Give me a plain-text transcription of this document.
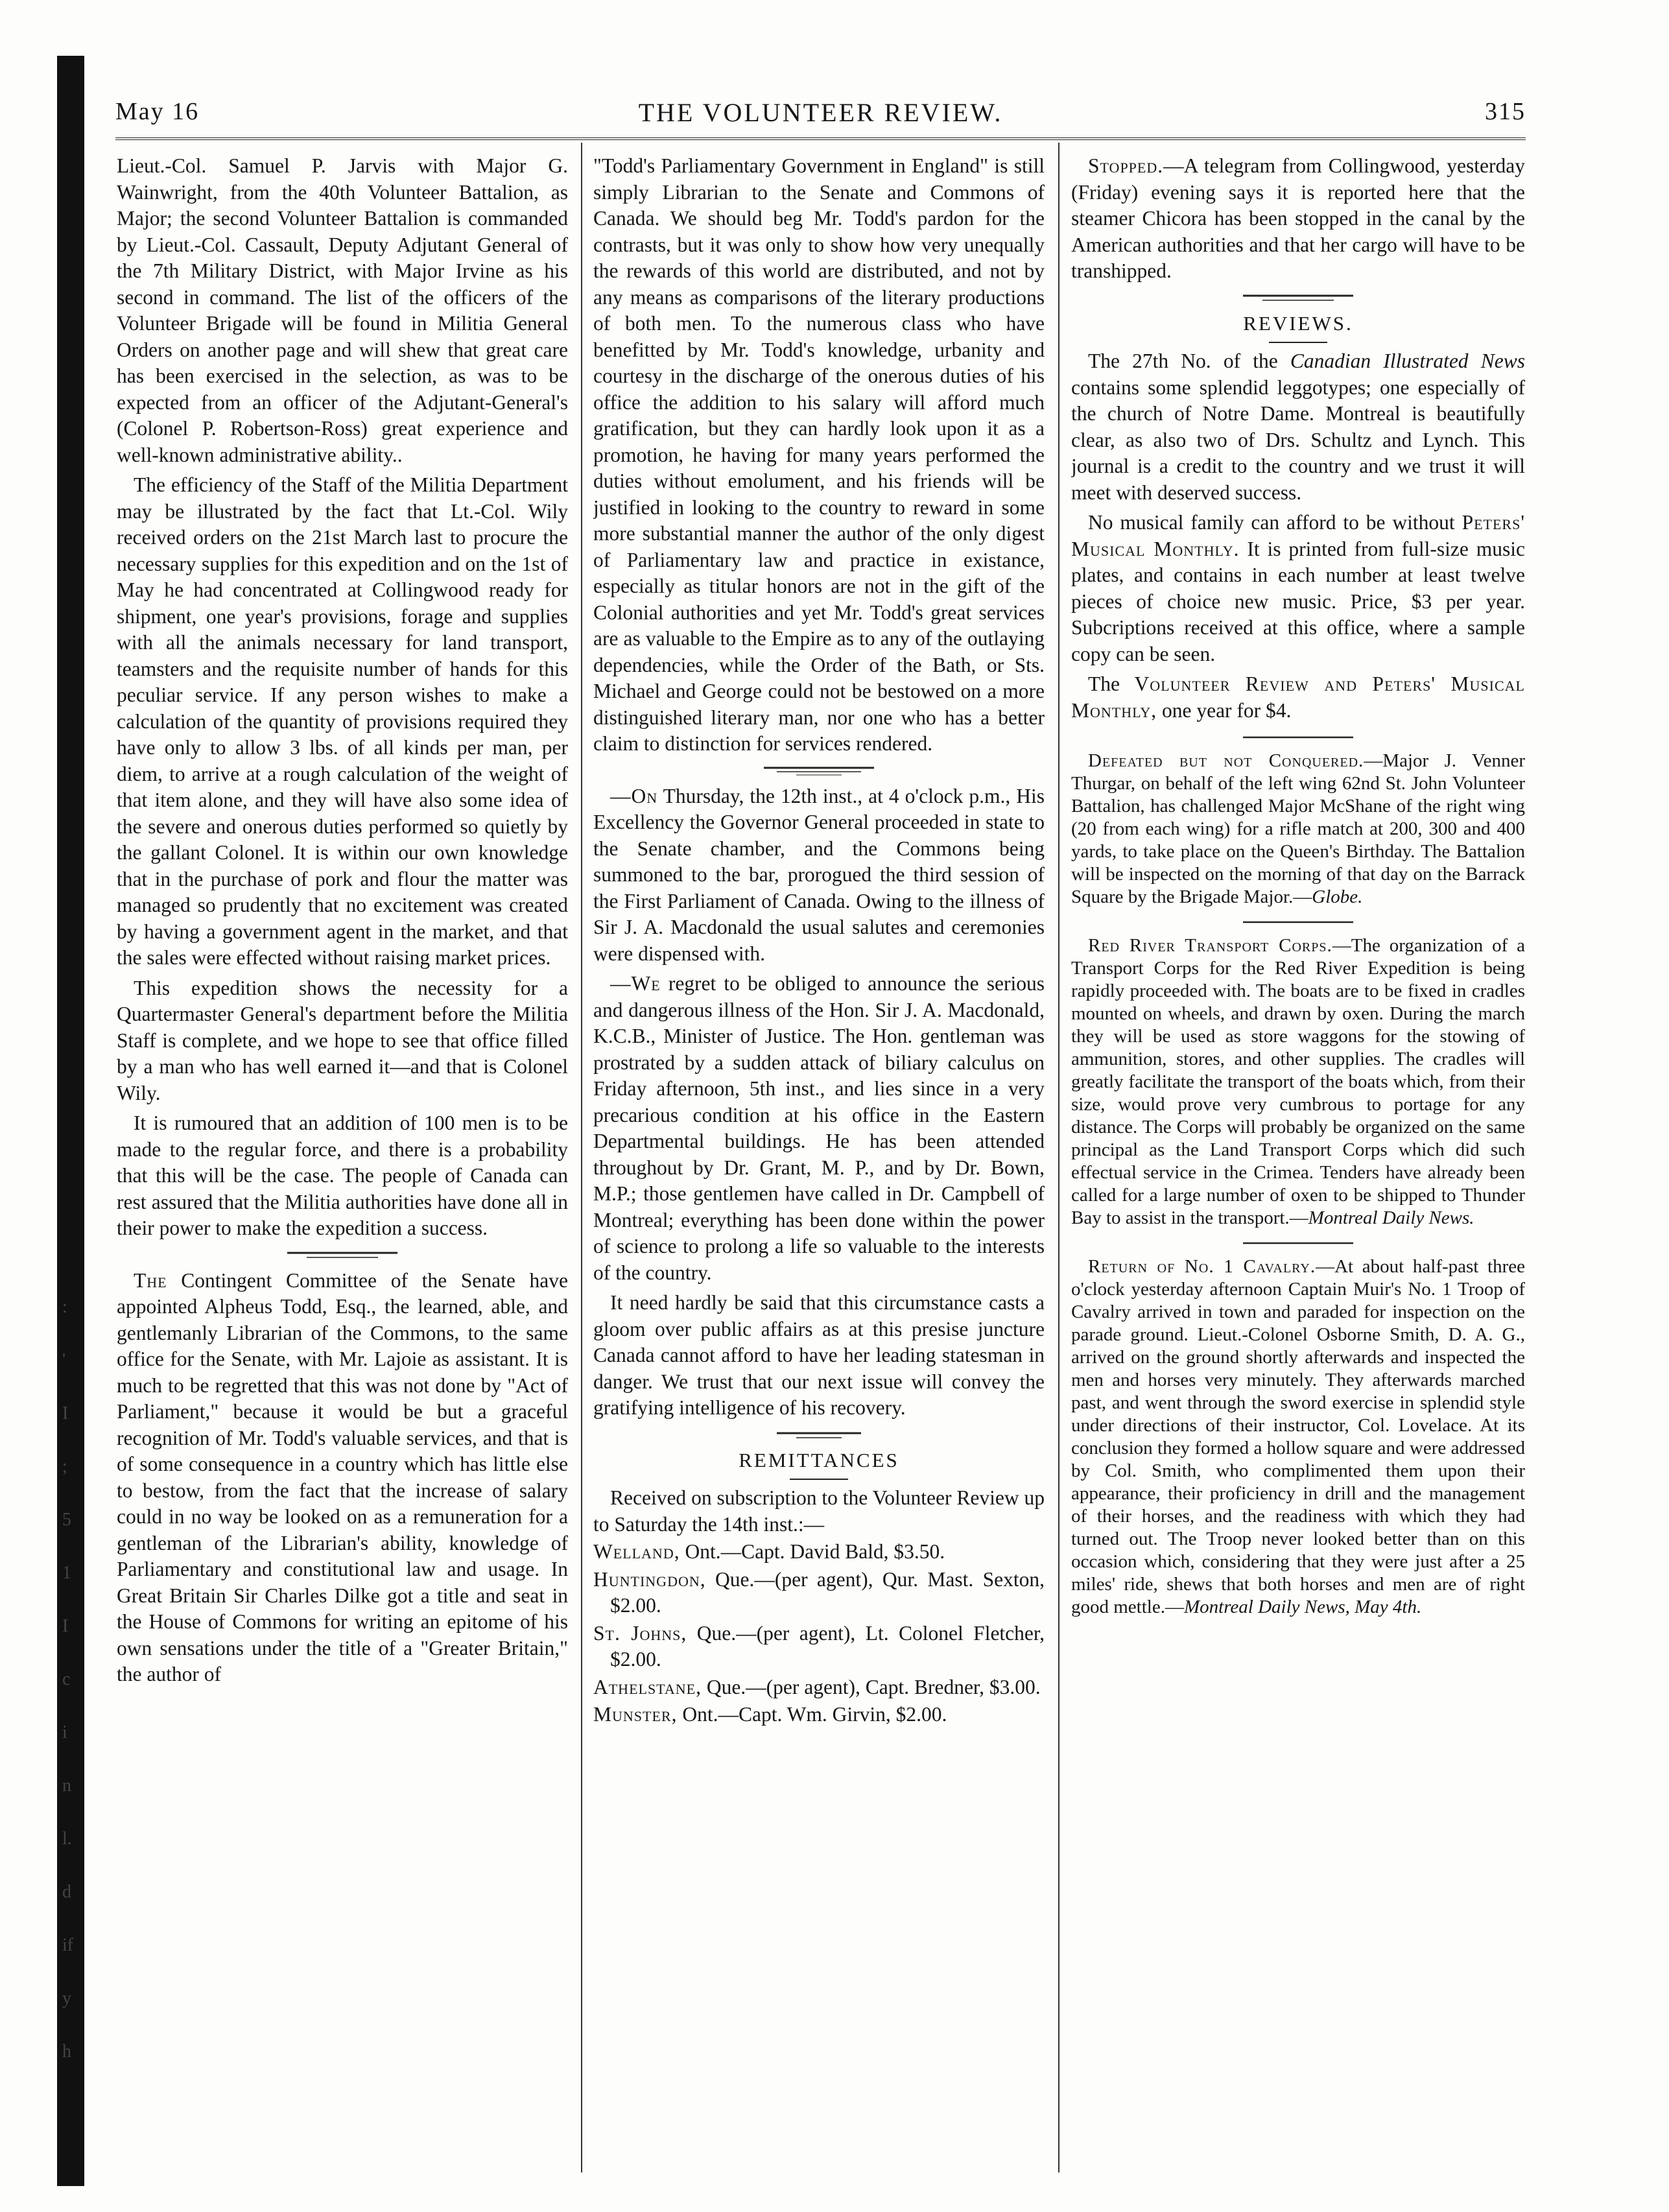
:
'
I
;
5
1
I
c
i
n
l.
d
if
y
h
May 16	THE VOLUNTEER REVIEW.	315

Lieut.-Col. Samuel P. Jarvis with Major G. Wainwright, from the 40th Volunteer Battalion, as Major; the second Volunteer Battalion is commanded by Lieut.-Col. Cassault, Deputy Adjutant General of the 7th Military District, with Major Irvine as his second in command. The list of the officers of the Volunteer Brigade will be found in Militia General Orders on another page and will shew that great care has been exercised in the selection, as was to be expected from an officer of the Adjutant-General's (Colonel P. Robertson-Ross) great experience and well-known administrative ability..

The efficiency of the Staff of the Militia Department may be illustrated by the fact that Lt.-Col. Wily received orders on the 21st March last to procure the necessary supplies for this expedition and on the 1st of May he had concentrated at Collingwood ready for shipment, one year's provisions, forage and supplies with all the animals necessary for land transport, teamsters and the requisite number of hands for this peculiar service. If any person wishes to make a calculation of the quantity of provisions required they have only to allow 3 lbs. of all kinds per man, per diem, to arrive at a rough calculation of the weight of that item alone, and they will have also some idea of the severe and onerous duties performed so quietly by the gallant Colonel. It is within our own knowledge that in the purchase of pork and flour the matter was managed so prudently that no excitement was created by having a government agent in the market, and that the sales were effected without raising market prices.

This expedition shows the necessity for a Quartermaster General's department before the Militia Staff is complete, and we hope to see that office filled by a man who has well earned it—and that is Colonel Wily.

It is rumoured that an addition of 100 men is to be made to the regular force, and there is a probability that this will be the case. The people of Canada can rest assured that the Militia authorities have done all in their power to make the expedition a success.

The Contingent Committee of the Senate have appointed Alpheus Todd, Esq., the learned, able, and gentlemanly Librarian of the Commons, to the same office for the Senate, with Mr. Lajoie as assistant. It is much to be regretted that this was not done by "Act of Parliament," because it would be but a graceful recognition of Mr. Todd's valuable services, and that is of some consequence in a country which has little else to bestow, from the fact that the increase of salary could in no way be looked on as a remuneration for a gentleman of the Librarian's ability, knowledge of Parliamentary and constitutional law and usage. In Great Britain Sir Charles Dilke got a title and seat in the House of Commons for writing an epitome of his own sensations under the title of a "Greater Britain," the author of

"Todd's Parliamentary Government in England" is still simply Librarian to the Senate and Commons of Canada. We should beg Mr. Todd's pardon for the contrasts, but it was only to show how very unequally the rewards of this world are distributed, and not by any means as comparisons of the literary productions of both men. To the numerous class who have benefitted by Mr. Todd's knowledge, urbanity and courtesy in the discharge of the onerous duties of his office the addition to his salary will afford much gratification, but they can hardly look upon it as a promotion, he having for many years performed the duties without emolument, and his friends will be justified in looking to the country to reward in some more substantial manner the author of the only digest of Parliamentary law and practice in existance, especially as titular honors are not in the gift of the Colonial authorities and yet Mr. Todd's great services are as valuable to the Empire as to any of the outlaying dependencies, while the Order of the Bath, or Sts. Michael and George could not be bestowed on a more distinguished literary man, nor one who has a better claim to distinction for services rendered.

—On Thursday, the 12th inst., at 4 o'clock p.m., His Excellency the Governor General proceeded in state to the Senate chamber, and the Commons being summoned to the bar, prorogued the third session of the First Parliament of Canada. Owing to the illness of Sir J. A. Macdonald the usual salutes and ceremonies were dispensed with.

—We regret to be obliged to announce the serious and dangerous illness of the Hon. Sir J. A. Macdonald, K.C.B., Minister of Justice. The Hon. gentleman was prostrated by a sudden attack of biliary calculus on Friday afternoon, 5th inst., and lies since in a very precarious condition at his office in the Eastern Departmental buildings. He has been attended throughout by Dr. Grant, M. P., and by Dr. Bown, M.P.; those gentlemen have called in Dr. Campbell of Montreal; everything has been done within the power of science to prolong a life so valuable to the interests of the country.

It need hardly be said that this circumstance casts a gloom over public affairs as at this presise juncture Canada cannot afford to have her leading statesman in danger. We trust that our next issue will convey the gratifying intelligence of his recovery.

REMITTANCES

Received on subscription to the Volunteer Review up to Saturday the 14th inst.:—

Welland, Ont.—Capt. David Bald, $3.50.

Huntingdon, Que.—(per agent), Qur. Mast. Sexton, $2.00.

St. Johns, Que.—(per agent), Lt. Colonel Fletcher, $2.00.

Athelstane, Que.—(per agent), Capt. Bredner, $3.00.

Munster, Ont.—Capt. Wm. Girvin, $2.00.

Stopped.—A telegram from Collingwood, yesterday (Friday) evening says it is reported here that the steamer Chicora has been stopped in the canal by the American authorities and that her cargo will have to be transhipped.

REVIEWS.

The 27th No. of the Canadian Illustrated News contains some splendid leggotypes; one especially of the church of Notre Dame. Montreal is beautifully clear, as also two of Drs. Schultz and Lynch. This journal is a credit to the country and we trust it will meet with deserved success.

No musical family can afford to be without Peters' Musical Monthly. It is printed from full-size music plates, and contains in each number at least twelve pieces of choice new music. Price, $3 per year. Subcriptions received at this office, where a sample copy can be seen.

The Volunteer Review and Peters' Musical Monthly, one year for $4.

Defeated but not Conquered.—Major J. Venner Thurgar, on behalf of the left wing 62nd St. John Volunteer Battalion, has challenged Major McShane of the right wing (20 from each wing) for a rifle match at 200, 300 and 400 yards, to take place on the Queen's Birthday. The Battalion will be inspected on the morning of that day on the Barrack Square by the Brigade Major.—Globe.

Red River Transport Corps.—The organization of a Transport Corps for the Red River Expedition is being rapidly proceeded with. The boats are to be fixed in cradles mounted on wheels, and drawn by oxen. During the march they will be used as store waggons for the stowing of ammunition, stores, and other supplies. The cradles will greatly facilitate the transport of the boats which, from their size, would prove very cumbrous to portage for any distance. The Corps will probably be organized on the same principal as the Land Transport Corps which did such effectual service in the Crimea. Tenders have already been called for a large number of oxen to be shipped to Thunder Bay to assist in the transport.—Montreal Daily News.

Return of No. 1 Cavalry.—At about half-past three o'clock yesterday afternoon Captain Muir's No. 1 Troop of Cavalry arrived in town and paraded for inspection on the parade ground. Lieut.-Colonel Osborne Smith, D. A. G., arrived on the ground shortly afterwards and inspected the men and horses very minutely. They afterwards marched past, and went through the sword exercise in splendid style under directions of their instructor, Col. Lovelace. At its conclusion they formed a hollow square and were addressed by Col. Smith, who complimented them upon their appearance, their proficiency in drill and the management of their horses, and the readiness with which they had turned out. The Troop never looked better than on this occasion which, considering that they were just after a 25 miles' ride, shews that both horses and men are of right good mettle.—Montreal Daily News, May 4th.
